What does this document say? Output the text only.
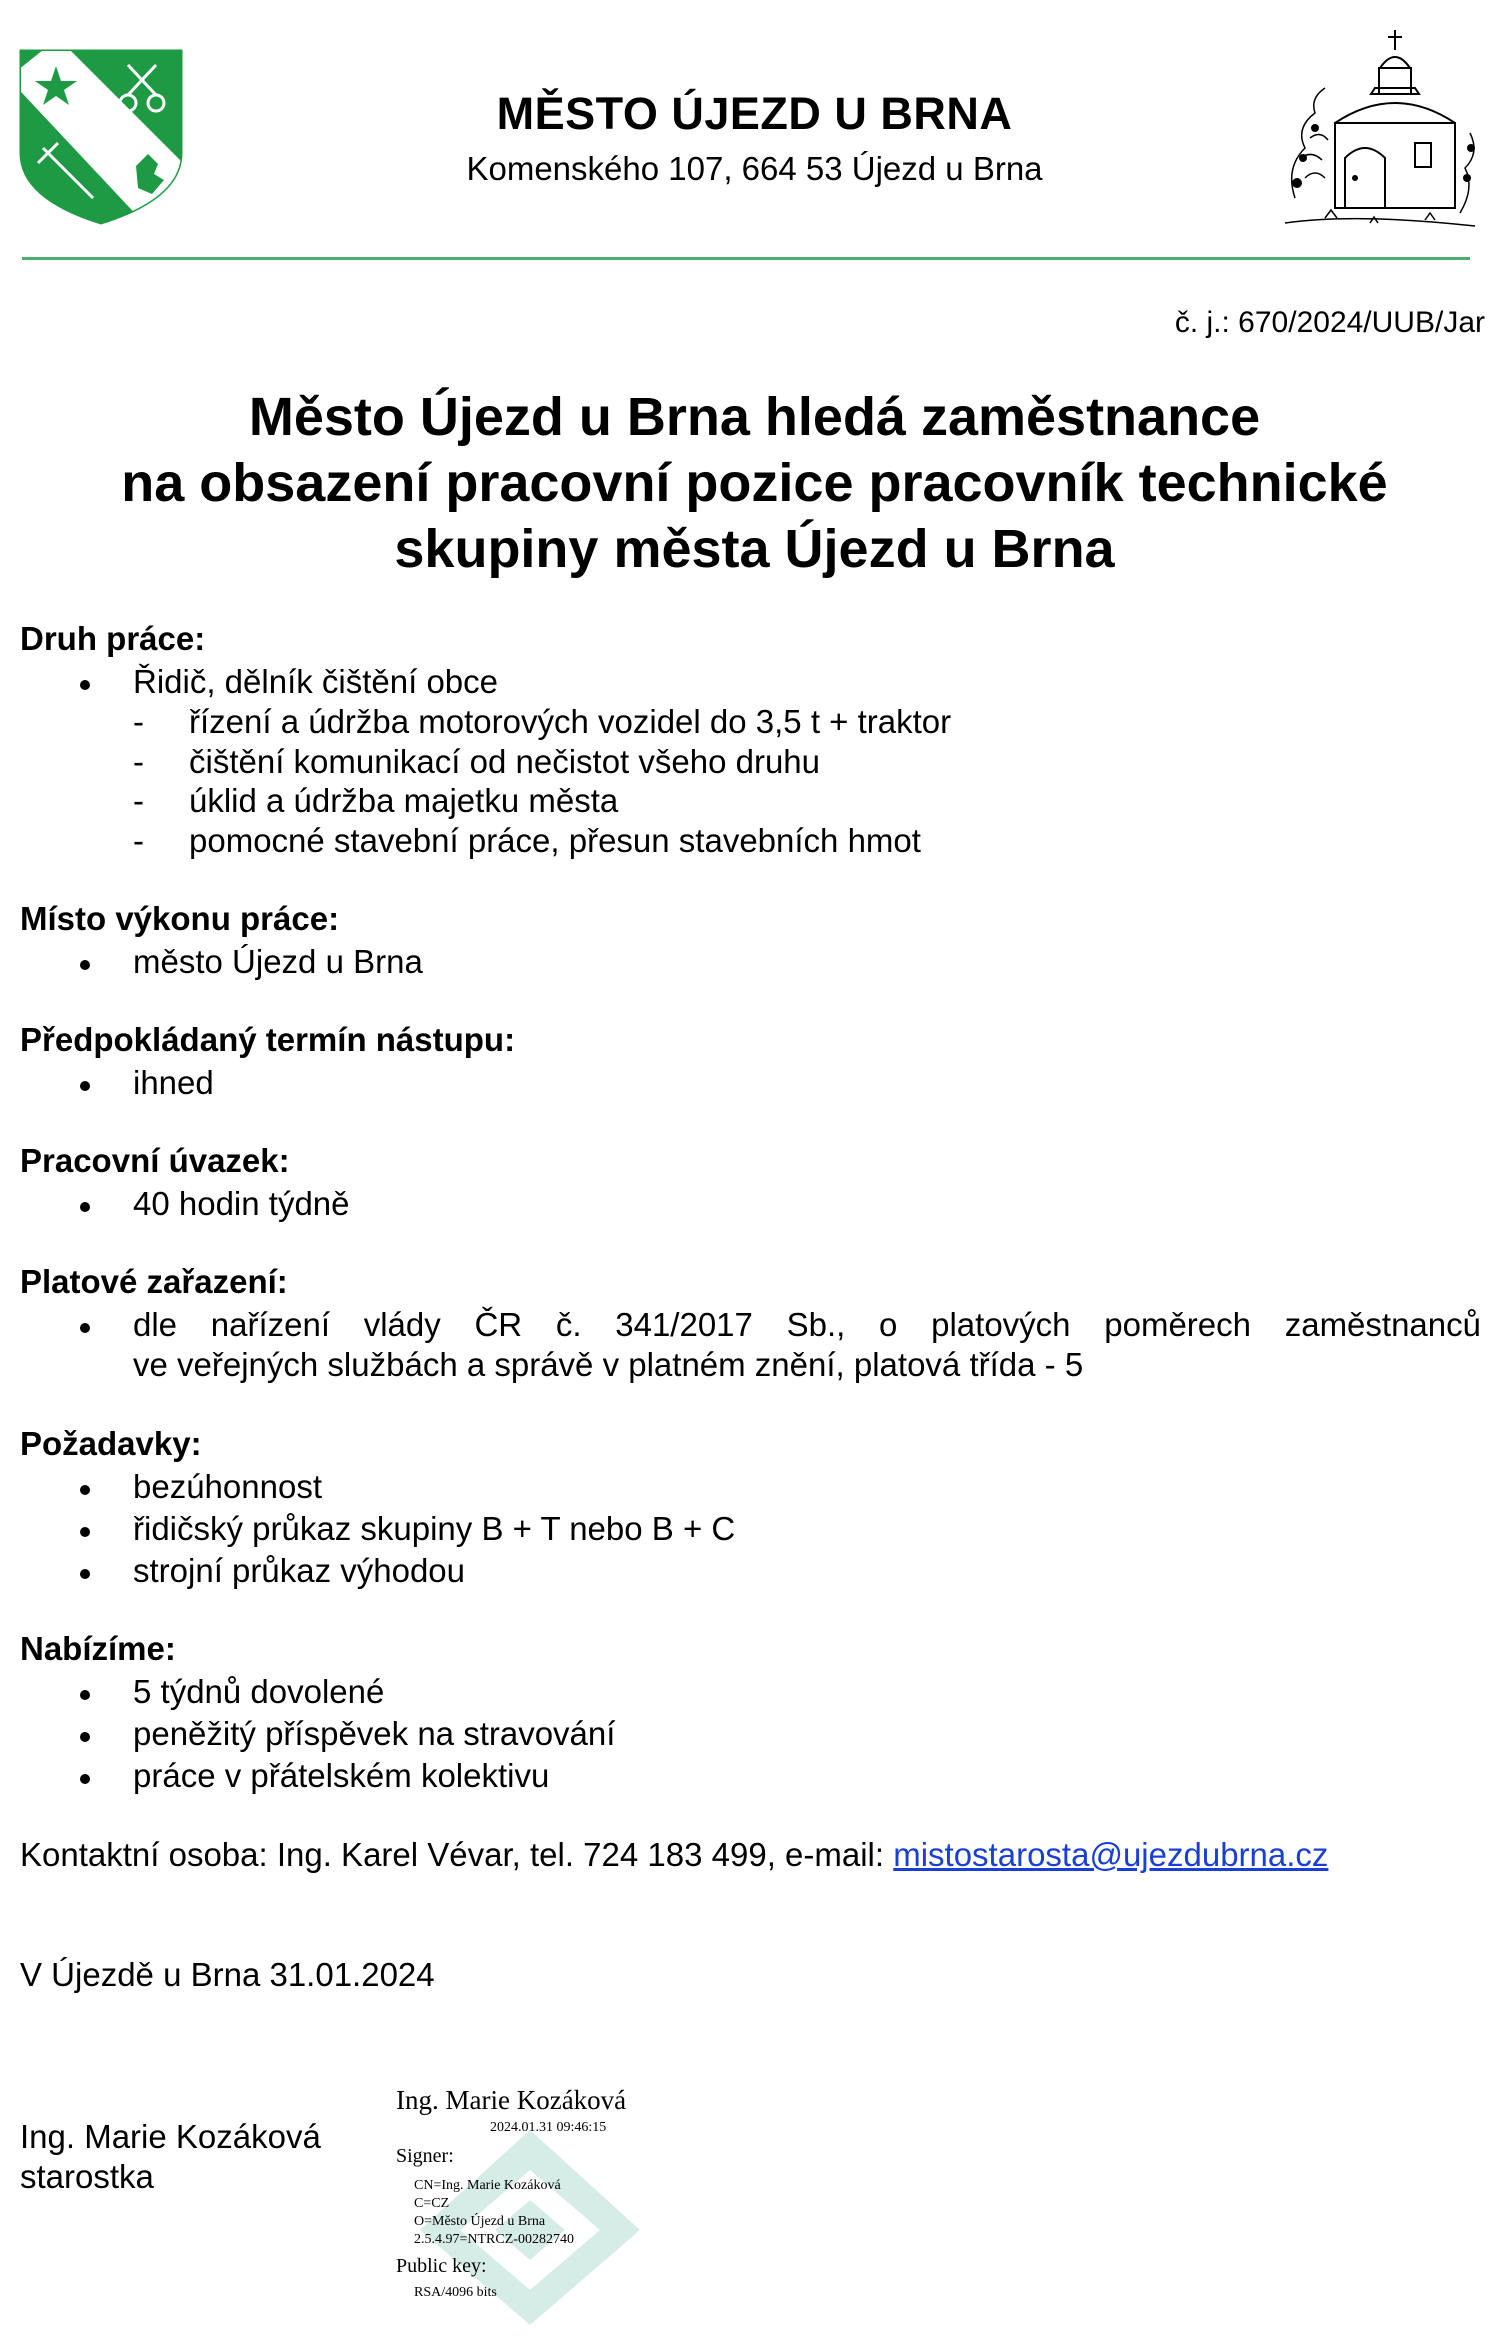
MĚSTO ÚJEZD U BRNA
Komenského 107, 664 53 Újezd u Brna
č. j.: 670/2024/UUB/Jar
Město Újezd u Brna hledá zaměstnance
na obsazení pracovní pozice pracovník technické
skupiny města Újezd u Brna
Druh práce:
Řidič, dělník čištění obce
- řízení a údržba motorových vozidel do 3,5 t + traktor
- čištění komunikací od nečistot všeho druhu
- úklid a údržba majetku města
- pomocné stavební práce, přesun stavebních hmot
Místo výkonu práce:
město Újezd u Brna
Předpokládaný termín nástupu:
ihned
Pracovní úvazek:
40 hodin týdně
Platové zařazení:
dle nařízení vlády ČR č. 341/2017 Sb., o platových poměrech zaměstnanců
ve veřejných službách a správě v platném znění, platová třída - 5
Požadavky:
bezúhonnost
řidičský průkaz skupiny B + T nebo B + C
strojní průkaz výhodou
Nabízíme:
5 týdnů dovolené
peněžitý příspěvek na stravování
práce v přátelském kolektivu
Kontaktní osoba: Ing. Karel Vévar, tel. 724 183 499, e-mail: mistostarosta@ujezdubrna.cz
V Újezdě u Brna 31.01.2024
Ing. Marie Kozáková
starostka
Ing. Marie Kozáková
2024.01.31 09:46:15
Signer:
CN=Ing. Marie Kozáková
C=CZ
O=Město Újezd u Brna
2.5.4.97=NTRCZ-00282740
Public key:
RSA/4096 bits
